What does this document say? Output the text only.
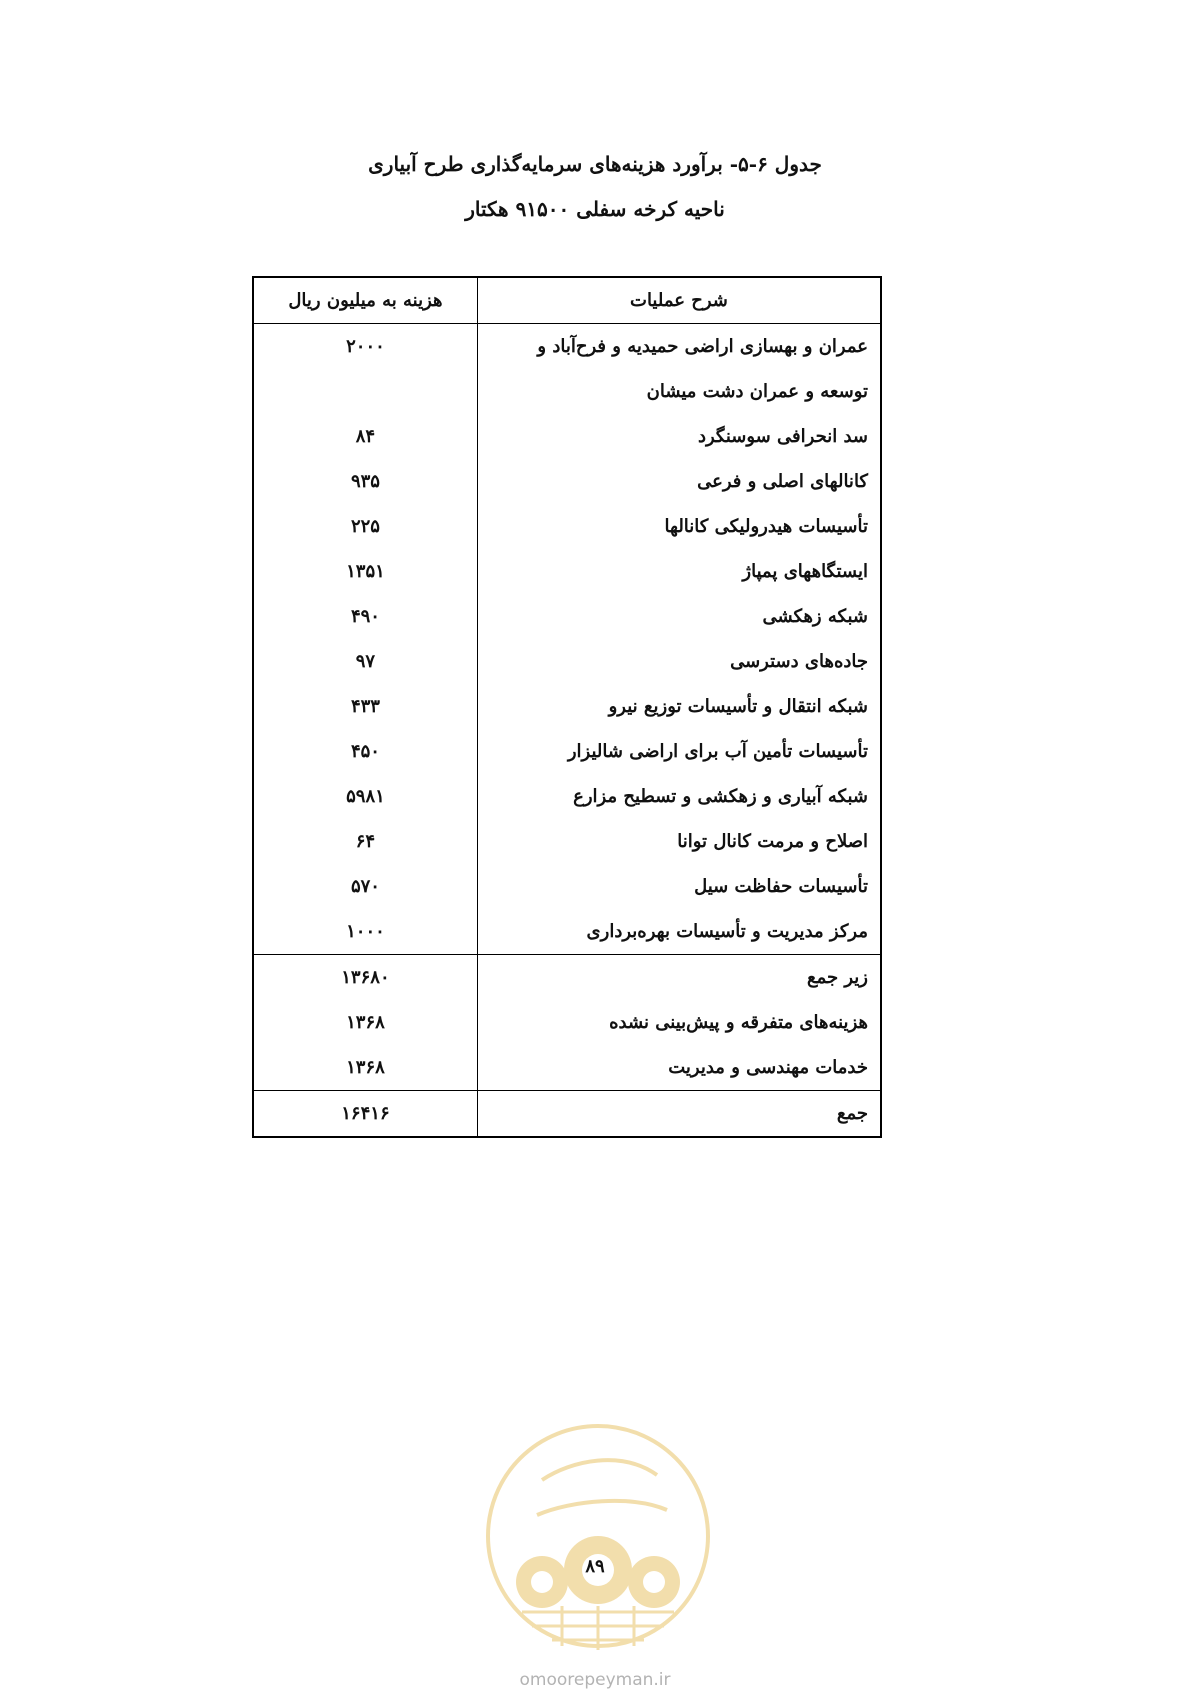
جدول ۶-۵- برآورد هزینه‌های سرمایه‌گذاری طرح آبیاری
ناحیه کرخه سفلی ۹۱۵۰۰ هکتار
شرح عملیات	هزینه به میلیون ریال
عمران و بهسازی اراضی حمیدیه و فرح‌آباد و	۲۰۰۰
توسعه و عمران دشت میشان	
سد انحرافی سوسنگرد	۸۴
کانالهای اصلی و فرعی	۹۳۵
تأسیسات هیدرولیکی کانالها	۲۲۵
ایستگاههای پمپاژ	۱۳۵۱
شبکه زهکشی	۴۹۰
جاده‌های دسترسی	۹۷
شبکه انتقال و تأسیسات توزیع نیرو	۴۳۳
تأسیسات تأمین آب برای اراضی شالیزار	۴۵۰
شبکه آبیاری و زهکشی و تسطیح مزارع	۵۹۸۱
اصلاح و مرمت کانال توانا	۶۴
تأسیسات حفاظت سیل	۵۷۰
مرکز مدیریت و تأسیسات بهره‌برداری	۱۰۰۰
زیر جمع	۱۳۶۸۰
هزینه‌های متفرقه و پیش‌بینی نشده	۱۳۶۸
خدمات مهندسی و مدیریت	۱۳۶۸
جمع	۱۶۴۱۶
۸۹
omoorepeyman.ir
